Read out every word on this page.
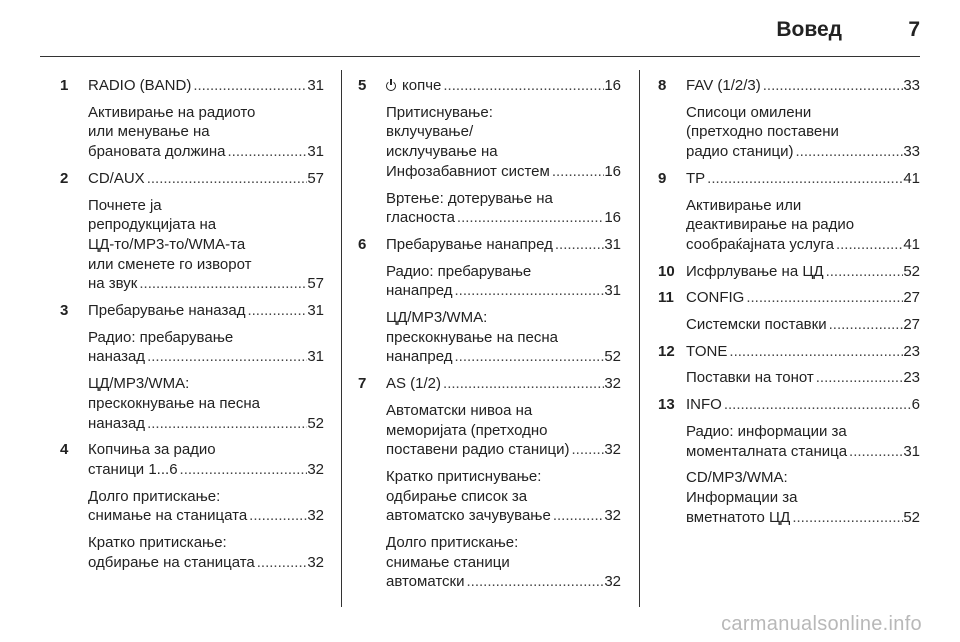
Вовед	7
1 RADIO (BAND) .....	31
Активирање на радиото
или менување на
брановата должина .....	31
2 CD/AUX .....	57
Почнете ја
репродукцијата на
ЦД-то/MP3-то/WMA-та
или сменете го изворот
на звук .....	57
3 Пребарување наназад .....	31
Радио: пребарување
наназад .....	31
ЦД/MP3/WMA:
прескокнување на песна
наназад .....	52
4 Копчиња за радио
станици 1...6 .....	32
Долго притискање:
снимање на станицата .....	32
Кратко притискање:
одбирање на станицата .....	32
5	копче .....	16
Притиснување:
вклучување/
исклучување на
Инфозабавниот систем .....	16
Вртење: дотерување на
гласноста .....	16
6 Пребарување нанапред .....	31
Радио: пребарување
нанапред .....	31
ЦД/MP3/WMA:
прескокнување на песна
нанапред .....	52
7 AS (1/2) .....	32
Автоматски нивоа на
меморијата (претходно
поставени радио станици) ..... 32
Кратко притиснување:
одбирање список за
автоматско зачувување .....	32
Долго притискање:
снимање станици
автоматски .....	32
8 FAV (1/2/3) .....	33
Списоци омилени
(претходно поставени
радио станици) .....	33
9 TP .....	41
Активирање или
деактивирање на радио
сообраќајната услуга .....	41
10 Исфрлување на ЦД .....	52
11 CONFIG .....	27
Системски поставки .....	27
12 TONE .....	23
Поставки на тонот .....	23
13 INFO .....	6
Радио: информации за
моменталната станица .....	31
CD/MP3/WMA:
Информации за
вметнатото ЦД .....	52
carmanualsonline.info
